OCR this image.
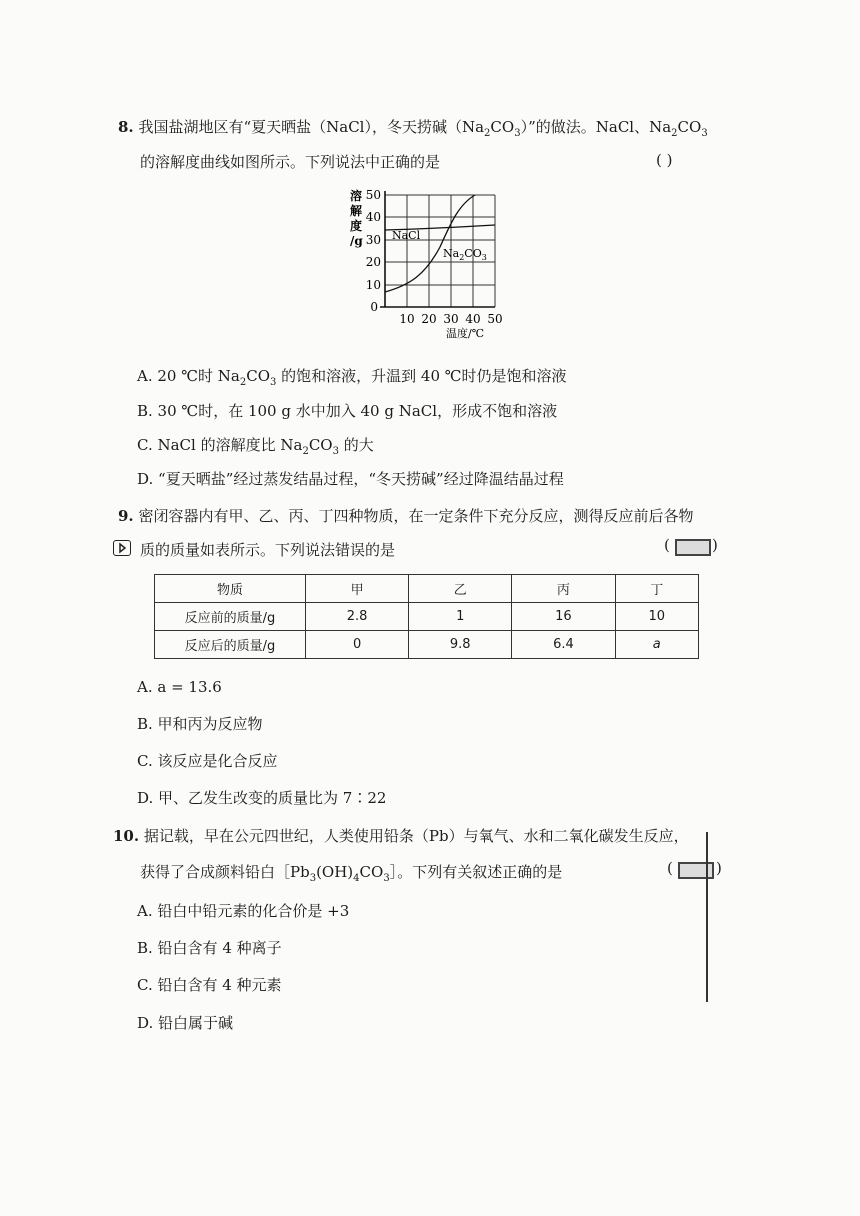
8. 我国盐湖地区有“夏天晒盐（NaCl），冬天捞碱$(Na_2CO_3)$”的做法。NaCl、$Na_2CO_3$
的溶解度曲线如图所示。下列说法中正确的是	( )
溶
解
度
/g
50
40
30
20
10
0
10 20 30 40 50
温度/℃
NaCl
$Na_2CO_3$
A. 20 ℃时 $Na_2CO_3$ 的饱和溶液，升温到 40 ℃时仍是饱和溶液
B. 30 ℃时，在 100 g 水中加入 40 g NaCl，形成不饱和溶液
C. NaCl 的溶解度比 $Na_2CO_3$ 的大
D. “夏天晒盐”经过蒸发结晶过程，“冬天捞碱”经过降温结晶过程
9. 密闭容器内有甲、乙、丙、丁四种物质，在一定条件下充分反应，测得反应前后各物
质的质量如表所示。下列说法错误的是	(	)
物质	甲	乙	丙	丁
反应前的质量/g	2.8	1	16	10
反应后的质量/g	0	9.8	6.4	a
A. a = 13.6
B. 甲和丙为反应物
C. 该反应是化合反应
D. 甲、乙发生改变的质量比为 7∶22
10. 据记载，早在公元四世纪，人类使用铅条（Pb）与氧气、水和二氧化碳发生反应，
获得了合成颜料铅白$[Pb_3(OH)_4CO_3]$。下列有关叙述正确的是	(	)
A. 铅白中铅元素的化合价是 +3
B. 铅白含有 4 种离子
C. 铅白含有 4 种元素
D. 铅白属于碱
